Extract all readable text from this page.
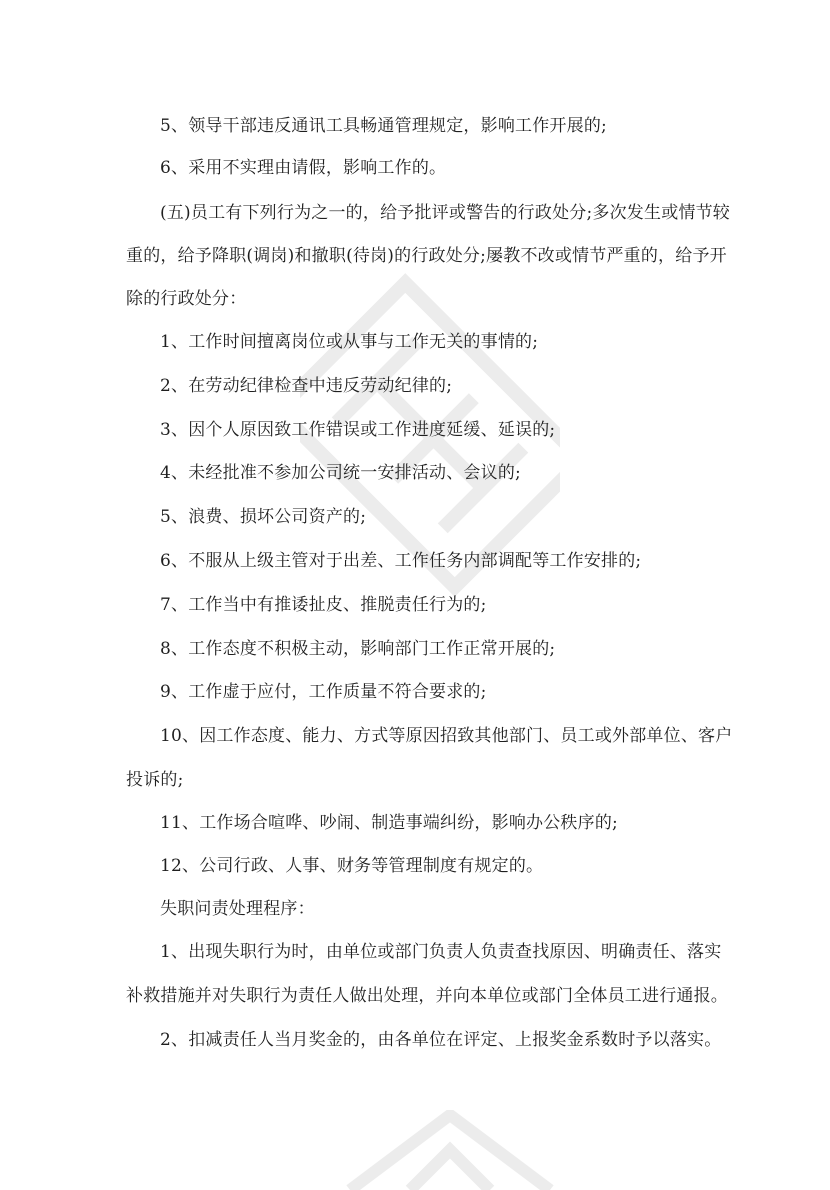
5、领导干部违反通讯工具畅通管理规定，影响工作开展的;
6、采用不实理由请假，影响工作的。
(五)员工有下列行为之一的，给予批评或警告的行政处分;多次发生或情节较
重的，给予降职(调岗)和撤职(待岗)的行政处分;屡教不改或情节严重的，给予开
除的行政处分：
1、工作时间擅离岗位或从事与工作无关的事情的;
2、在劳动纪律检查中违反劳动纪律的;
3、因个人原因致工作错误或工作进度延缓、延误的;
4、未经批准不参加公司统一安排活动、会议的;
5、浪费、损坏公司资产的;
6、不服从上级主管对于出差、工作任务内部调配等工作安排的;
7、工作当中有推诿扯皮、推脱责任行为的;
8、工作态度不积极主动，影响部门工作正常开展的;
9、工作虚于应付，工作质量不符合要求的;
10、因工作态度、能力、方式等原因招致其他部门、员工或外部单位、客户
投诉的;
11、工作场合喧哗、吵闹、制造事端纠纷，影响办公秩序的;
12、公司行政、人事、财务等管理制度有规定的。
失职问责处理程序：
1、出现失职行为时，由单位或部门负责人负责查找原因、明确责任、落实
补救措施并对失职行为责任人做出处理，并向本单位或部门全体员工进行通报。
2、扣减责任人当月奖金的，由各单位在评定、上报奖金系数时予以落实。
